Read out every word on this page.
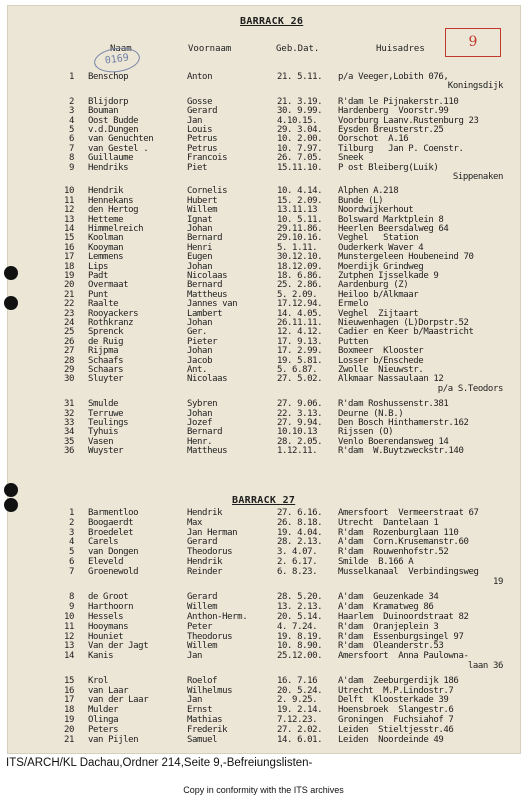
BARRACK 26
Naam	Voornaam	Geb.Dat.	Huisadres	9
0169
1 Benschop	Anton	21. 5.11. p/a Veeger,Lobith 076,
Koningsdijk
2 Blijdorp	Gosse	21. 3.19. R'dam le Pijnakerstr.110
3 Bouman	Gerard	30. 9.99. Hardenberg  Voorstr.99
4 Oost Budde	Jan	4.10.15. Voorburg Laanv.Rustenburg 23
5 v.d.Dungen	Louis	29. 3.04. Eysden Breusterstr.25
6 van Genuchten	Petrus	10. 2.00. Oorschot  A.16
7 van Gestel .	Petrus	10. 7.97. Tilburg   Jan P. Coenstr.
8 Guillaume	Francois	26. 7.05. Sneek
9 Hendriks	Piet	15.11.10. P ost Bleiberg(Luik)
Sippenaken
10 Hendrik	Cornelis	10. 4.14. Alphen A.218
11 Hennekans	Hubert	15. 2.09. Bunde (L)
12 den Hertog	Willem	13.11.13 Noordwijkerhout
13 Hetteme	Ignat	10. 5.11. Bolsward Marktplein 8
14 Himmelreich	Johan	29.11.86. Heerlen Beersdalweg 64
15 Koolman	Bernard	29.10.16. Veghel   Station
16 Kooyman	Henri	5. 1.11. Ouderkerk Waver 4
17 Lemmens	Eugen	30.12.10. Munstergeleen Houbeneind 70
18 Lips	Johan	18.12.09. Moerdijk Grindweg
19 Padt	Nicolaas	18. 6.86. Zutphen Ijsselkade 9
20 Overmaat	Bernard	25. 2.86. Aardenburg (Z)
21 Punt	Mattheus	5. 2.09. Heiloo b/Alkmaar
22 Raalte	Jannes van	17.12.94. Ermelo
23 Rooyackers	Lambert	14. 4.05. Veghel  Zijtaart
24 Rothkranz	Johan	26.11.11. Nieuwenhagen (L)Dorpstr.52
25 Sprenck	Ger.	12. 4.12. Cadier en Keer b/Maastricht
26 de Ruig	Pieter	17. 9.13. Putten
27 Rijpma	Johan	17. 2.99. Boxmeer  Klooster
28 Schaafs	Jacob	19. 5.81. Losser b/Enschede
29 Schaars	Ant.	5. 6.87. Zwolle  Nieuwstr.
30 Sluyter	Nicolaas	27. 5.02. Alkmaar Nassaulaan 12
p/a S.Teodors
31 Smulde	Sybren	27. 9.06. R'dam Roshussenstr.381
32 Terruwe	Johan	22. 3.13. Deurne (N.B.)
33 Teulings	Jozef	27. 9.94. Den Bosch Hinthamerstr.162
34 Tyhuis	Bernard	10.10.13 Rijssen (O)
35 Vasen	Henr.	28. 2.05. Venlo Boerendansweg 14
36 Wuyster	Mattheus	1.12.11. R'dam  W.Buytzweckstr.140
BARRACK 27
1 Barmentloo	Hendrik	27. 6.16. Amersfoort  Vermeerstraat 67
2 Boogaerdt	Max	26. 8.18. Utrecht  Dantelaan 1
3 Broedelet	Jan Herman	19. 4.04. R'dam  Rozenburglaan 110
4 Carels	Gerard	28. 2.13. A'dam  Corn.Krusemanstr.60
5 van Dongen	Theodorus	3. 4.07. R'dam  Rouwenhofstr.52
6 Eleveld	Hendrik	2. 6.17. Smilde  B.166 A
7 Groenewold	Reinder	6. 8.23. Musselkanaal  Verbindingsweg
19
8 de Groot	Gerard	28. 5.20. A'dam  Geuzenkade 34
9 Harthoorn	Willem	13. 2.13. A'dam  Kramatweg 86
10 Hessels	Anthon-Herm.	20. 5.14. Haarlem  Duinoordstraat 82
11 Hooymans	Peter	4. 7.24. R'dam  Oranjeplein 3
12 Houniet	Theodorus	19. 8.19. R'dam  Essenburgsingel 97
13 Van der Jagt	Willem	10. 8.90. R'dam  Oleanderstr.53
14 Kanis	Jan	25.12.00. Amersfoort  Anna Paulowna-
laan 36
15 Krol	Roelof	16. 7.16 A'dam  Zeeburgerdijk 186
16 van Laar	Wilhelmus	20. 5.24. Utrecht  M.P.Lindostr.7
17 van der Laar	Jan	2. 9.25. Delft  Kloosterkade 39
18 Mulder	Ernst	19. 2.14. Hoensbroek  Slangestr.6
19 Olinga	Mathias	7.12.23. Groningen  Fuchsiahof 7
20 Peters	Frederik	27. 2.02. Leiden  Stieltjesstr.46
21 van Pijlen	Samuel	14. 6.01. Leiden  Noordeinde 49
ITS/ARCH/KL Dachau,Ordner 214,Seite 9,-Befreiungslisten-
Copy in conformity with the ITS archives
